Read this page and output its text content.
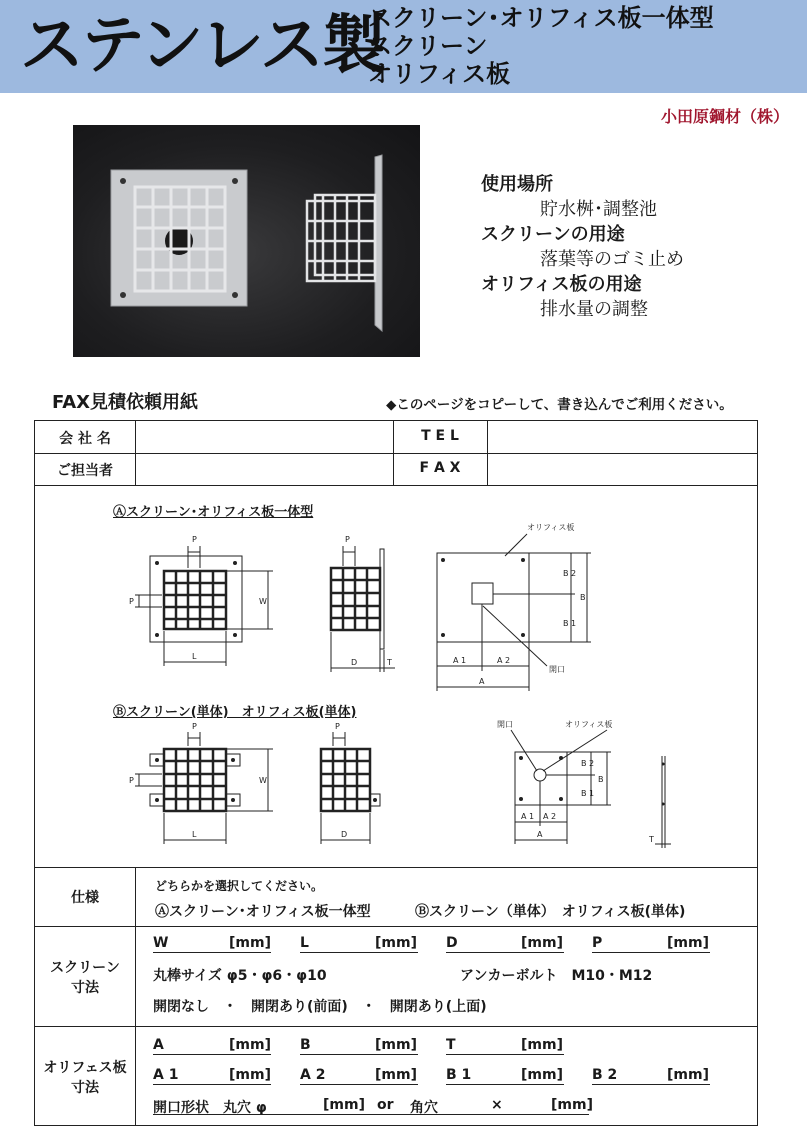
ステンレス製
スクリーン･オリフィス板一体型
スクリーン
オリフィス板
小田原鋼材（株）
使用場所
貯水桝･調整池
スクリーンの用途
落葉等のゴミ止め
オリフィス板の用途
排水量の調整
FAX見積依頼用紙	◆このページをコピーして、書き込んでご利用ください。
会 社 名	T E L
ご担当者	F A X
Ⓐスクリーン･オリフィス板一体型
Ⓑスクリーン(単体)　オリフィス板(単体)
P
P	W
L
P
D	T
オリフィス板
開口
A 1	A 2
A
B 2
B 1
B
P
P	W
L
P
D
開口	オリフィス板
A 1 A 2
A
B 2
B 1
B
T
仕様
どちらかを選択してください。
Ⓐスクリーン･オリフィス板一体型	Ⓑスクリーン（単体）　オリフィス板(単体)
スクリーン
寸法
W	[mm] L	[mm] D	[mm] P	[mm]
丸棒サイズ φ5・φ6・φ10	アンカーボルト　M10・M12
開閉なし　・　開閉あり(前面)　・　開閉あり(上面)
オリフェス板
寸法
A	[mm] B	[mm] T	[mm]
A 1	[mm] A 2	[mm] B 1	[mm] B 2	[mm]
開口形状　丸穴 φ	[mm] or 角穴	×	[mm]
